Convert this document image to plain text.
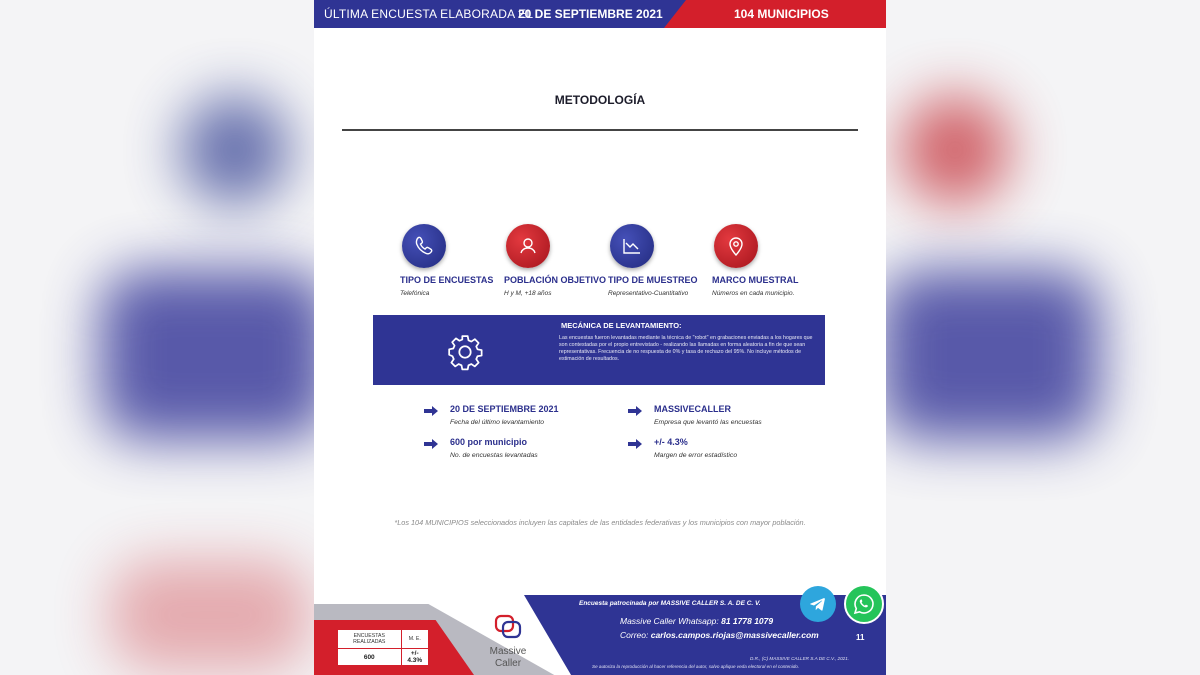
ÚLTIMA ENCUESTA ELABORADA EL
20 DE SEPTIEMBRE 2021	104 MUNICIPIOS
METODOLOGÍA
TIPO DE ENCUESTAS
Telefónica
POBLACIÓN OBJETIVO
H y M, +18 años
TIPO DE MUESTREO
Representativo-Cuantitativo
MARCO MUESTRAL
Números en cada municipio.
MECÁNICA DE LEVANTAMIENTO:
Las encuestas fueron levantadas mediante la técnica de "robot" en grabaciones enviadas a los hogares que son contestadas por el propio entrevistado - realizando las llamadas en forma aleatoria a fin de que sean representativas. Frecuencia de no respuesta de 0% y tasa de rechazo del 95%. No incluye métodos de estimación de resultados.
20 DE SEPTIEMBRE 2021
Fecha del último levantamiento
MASSIVECALLER
Empresa que levantó las encuestas
600 por municipio
No. de encuestas levantadas
+/- 4.3%
Margen de error estadístico
*Los 104 MUNICIPIOS seleccionados incluyen las capitales de las entidades federativas y los municipios con mayor población.
ENCUESTAS REALIZADAS	M. E.
600	+/- 4.3%
Massive
Caller
Encuesta patrocinada por MASSIVE CALLER S. A. DE C. V.
Massive Caller Whatsapp: 81 1778 1079
Correo: carlos.campos.riojas@massivecaller.com	11
D.R., (C) MASSIVE CALLER S.A DE C.V., 2021.
Se autoriza la reproducción al hacer referencia del autor, salvo aplique veda electoral en el contenido.
